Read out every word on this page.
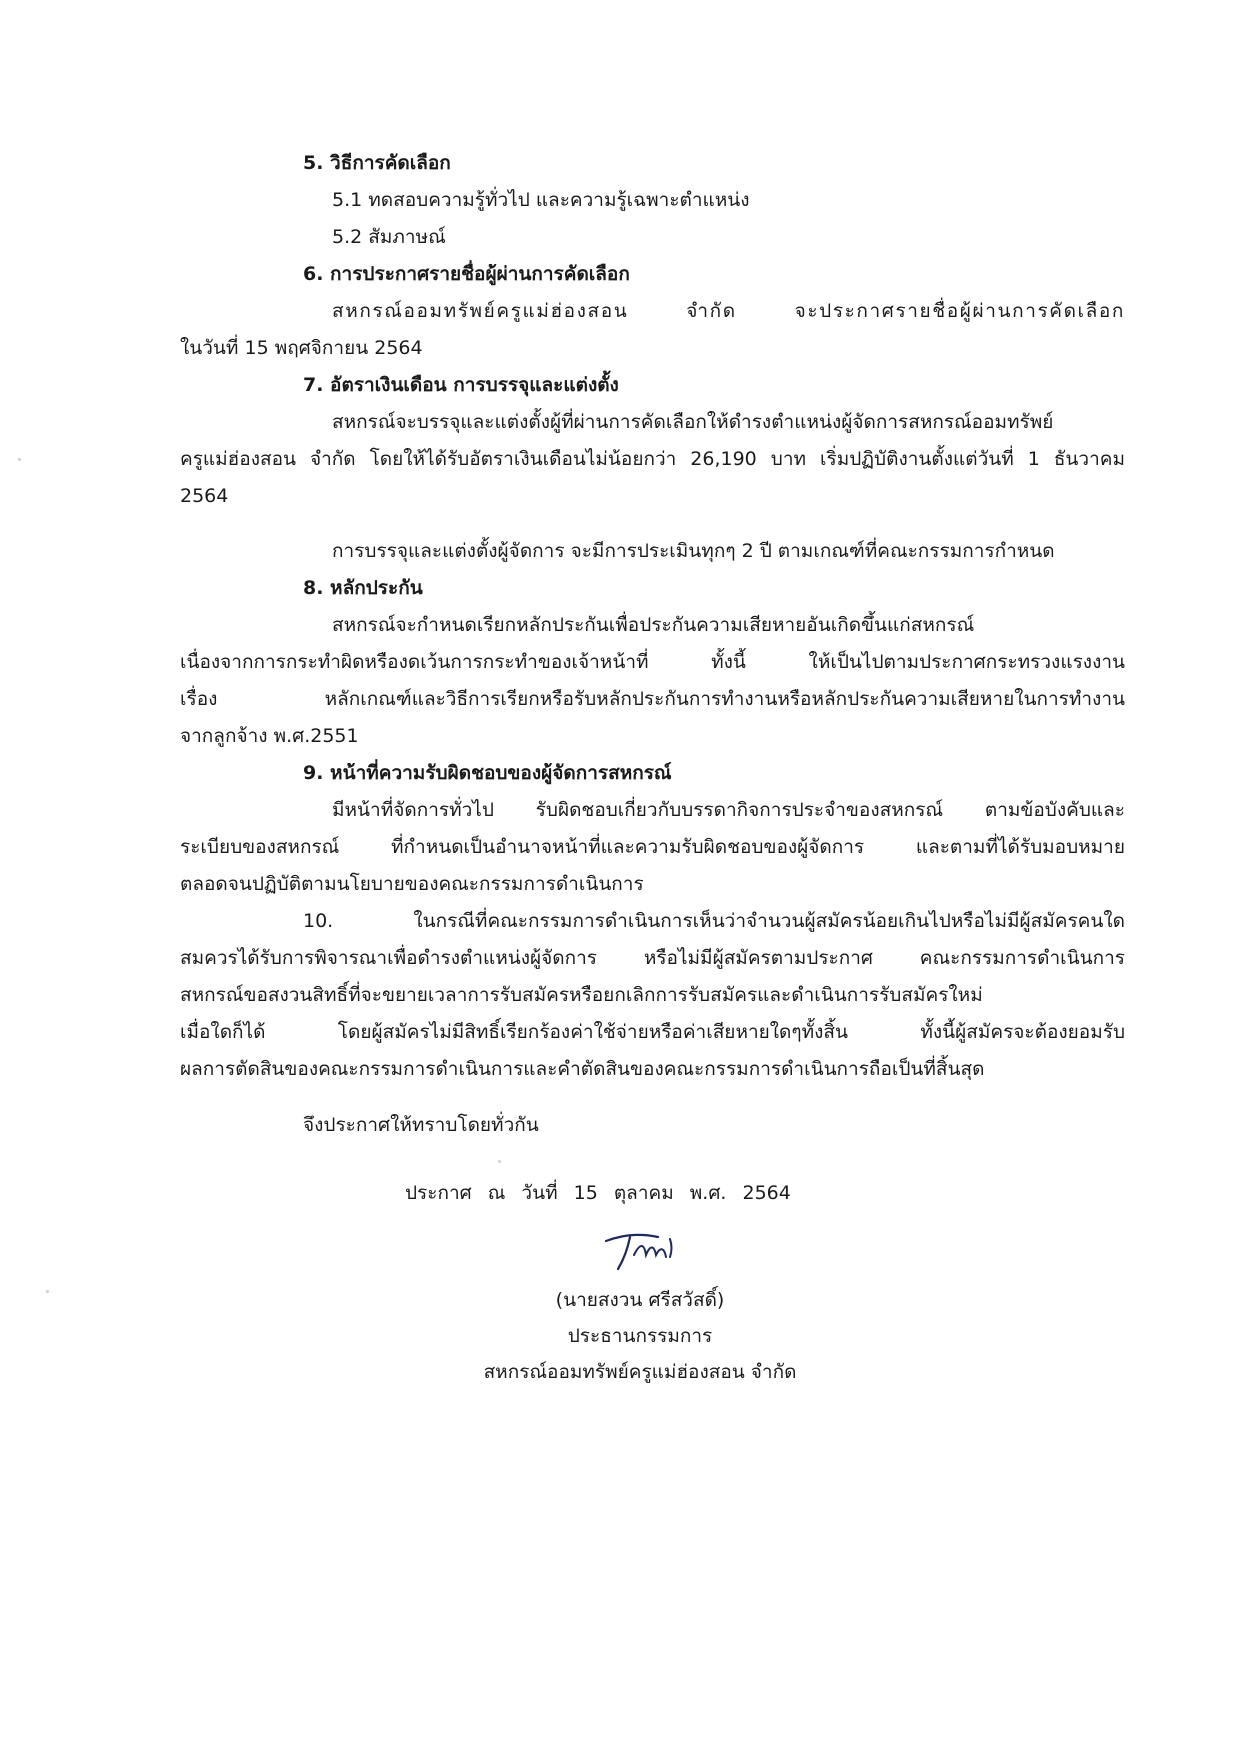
5. วิธีการคัดเลือก
5.1 ทดสอบความรู้ทั่วไป และความรู้เฉพาะตำแหน่ง
5.2 สัมภาษณ์
6. การประกาศรายชื่อผู้ผ่านการคัดเลือก
สหกรณ์ออมทรัพย์ครูแม่ฮ่องสอน จำกัด จะประกาศรายชื่อผู้ผ่านการคัดเลือก
ในวันที่ 15 พฤศจิกายน 2564
7. อัตราเงินเดือน การบรรจุและแต่งตั้ง
สหกรณ์จะบรรจุและแต่งตั้งผู้ที่ผ่านการคัดเลือกให้ดำรงตำแหน่งผู้จัดการสหกรณ์ออมทรัพย์
ครูแม่ฮ่องสอน จำกัด โดยให้ได้รับอัตราเงินเดือนไม่น้อยกว่า 26,190 บาท เริ่มปฏิบัติงานตั้งแต่วันที่ 1 ธันวาคม
2564
การบรรจุและแต่งตั้งผู้จัดการ จะมีการประเมินทุกๆ 2 ปี ตามเกณฑ์ที่คณะกรรมการกำหนด
8. หลักประกัน
สหกรณ์จะกำหนดเรียกหลักประกันเพื่อประกันความเสียหายอันเกิดขึ้นแก่สหกรณ์
เนื่องจากการกระทำผิดหรืองดเว้นการกระทำของเจ้าหน้าที่ ทั้งนี้ ให้เป็นไปตามประกาศกระทรวงแรงงาน
เรื่อง หลักเกณฑ์และวิธีการเรียกหรือรับหลักประกันการทำงานหรือหลักประกันความเสียหายในการทำงาน
จากลูกจ้าง พ.ศ.2551
9. หน้าที่ความรับผิดชอบของผู้จัดการสหกรณ์
มีหน้าที่จัดการทั่วไป รับผิดชอบเกี่ยวกับบรรดากิจการประจำของสหกรณ์ ตามข้อบังคับและ
ระเบียบของสหกรณ์ ที่กำหนดเป็นอำนาจหน้าที่และความรับผิดชอบของผู้จัดการ และตามที่ได้รับมอบหมาย
ตลอดจนปฏิบัติตามนโยบายของคณะกรรมการดำเนินการ
10. ในกรณีที่คณะกรรมการดำเนินการเห็นว่าจำนวนผู้สมัครน้อยเกินไปหรือไม่มีผู้สมัครคนใด
สมควรได้รับการพิจารณาเพื่อดำรงตำแหน่งผู้จัดการ หรือไม่มีผู้สมัครตามประกาศ คณะกรรมการดำเนินการ
สหกรณ์ขอสงวนสิทธิ์ที่จะขยายเวลาการรับสมัครหรือยกเลิกการรับสมัครและดำเนินการรับสมัครใหม่
เมื่อใดก็ได้ โดยผู้สมัครไม่มีสิทธิ์เรียกร้องค่าใช้จ่ายหรือค่าเสียหายใดๆทั้งสิ้น ทั้งนี้ผู้สมัครจะต้องยอมรับ
ผลการตัดสินของคณะกรรมการดำเนินการและคำตัดสินของคณะกรรมการดำเนินการถือเป็นที่สิ้นสุด
จึงประกาศให้ทราบโดยทั่วกัน
ประกาศ ณ วันที่ 15 ตุลาคม พ.ศ. 2564
(นายสงวน ศรีสวัสดิ์)
ประธานกรรมการ
สหกรณ์ออมทรัพย์ครูแม่ฮ่องสอน จำกัด
